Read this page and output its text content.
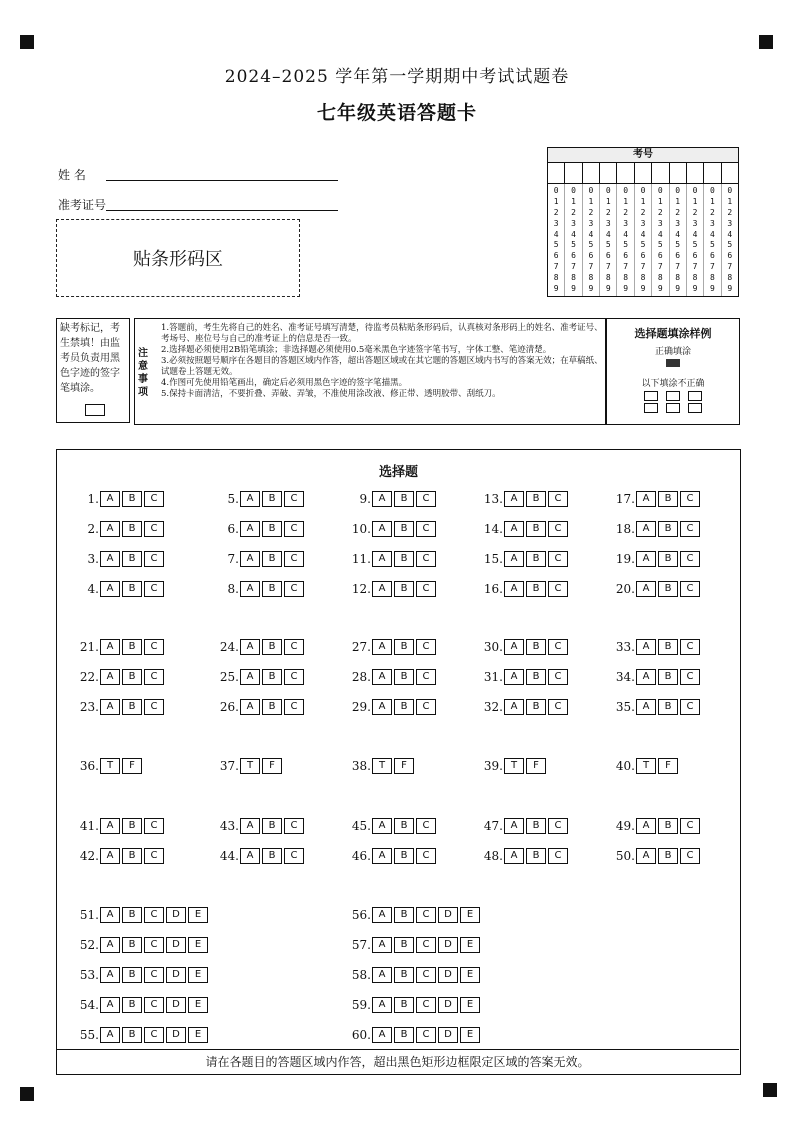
2024–2025 学年第一学期期中考试试题卷
七年级英语答题卡
姓 名
准考证号
贴条形码区
考号
0
1
2
3
4
5
6
7
8
9
0
1
2
3
4
5
6
7
8
9
0
1
2
3
4
5
6
7
8
9
0
1
2
3
4
5
6
7
8
9
0
1
2
3
4
5
6
7
8
9
0
1
2
3
4
5
6
7
8
9
0
1
2
3
4
5
6
7
8
9
0
1
2
3
4
5
6
7
8
9
0
1
2
3
4
5
6
7
8
9
0
1
2
3
4
5
6
7
8
9
0
1
2
3
4
5
6
7
8
9
缺考标记，考生禁填！由监考员负责用黑色字迹的签字笔填涂。
注意事项
1.答题前，考生先将自己的姓名、准考证号填写清楚，待监考员粘贴条形码后，认真核对条形码上的姓名、准考证号、考场号、座位号与自己的准考证上的信息是否一致。
2.选择题必须使用2B铅笔填涂；非选择题必须使用0.5毫米黑色字迹签字笔书写，字体工整、笔迹清楚。
3.必须按照题号顺序在各题目的答题区域内作答，超出答题区域或在其它题的答题区域内书写的答案无效；在草稿纸、试题卷上答题无效。
4.作图可先使用铅笔画出，确定后必须用黑色字迹的签字笔描黑。
5.保持卡面清洁，不要折叠、弄破、弄皱，不准使用涂改液、修正带、透明胶带、刮纸刀。
选择题填涂样例
正确填涂
以下填涂不正确
选择题
1. A	B	C
2. A	B	C
3. A	B	C
4. A	B	C
5. A	B	C
6. A	B	C
7. A	B	C
8. A	B	C
9. A	B	C
10. A	B	C
11. A	B	C
12. A	B	C
13. A	B	C
14. A	B	C
15. A	B	C
16. A	B	C
17. A	B	C
18. A	B	C
19. A	B	C
20. A	B	C
21. A	B	C
22. A	B	C
23. A	B	C
24. A	B	C
25. A	B	C
26. A	B	C
27. A	B	C
28. A	B	C
29. A	B	C
30. A	B	C
31. A	B	C
32. A	B	C
33. A	B	C
34. A	B	C
35. A	B	C
36. T	F	37. T	F	38. T	F	39. T	F	40. T	F
41. A	B	C
42. A	B	C
43. A	B	C
44. A	B	C
45. A	B	C
46. A	B	C
47. A	B	C
48. A	B	C
49. A	B	C
50. A	B	C
51. A	B	C	D	E
52. A	B	C	D	E
53. A	B	C	D	E
54. A	B	C	D	E
55. A	B	C	D	E
56. A	B	C	D	E
57. A	B	C	D	E
58. A	B	C	D	E
59. A	B	C	D	E
60. A	B	C	D	E
请在各题目的答题区域内作答，超出黑色矩形边框限定区域的答案无效。
